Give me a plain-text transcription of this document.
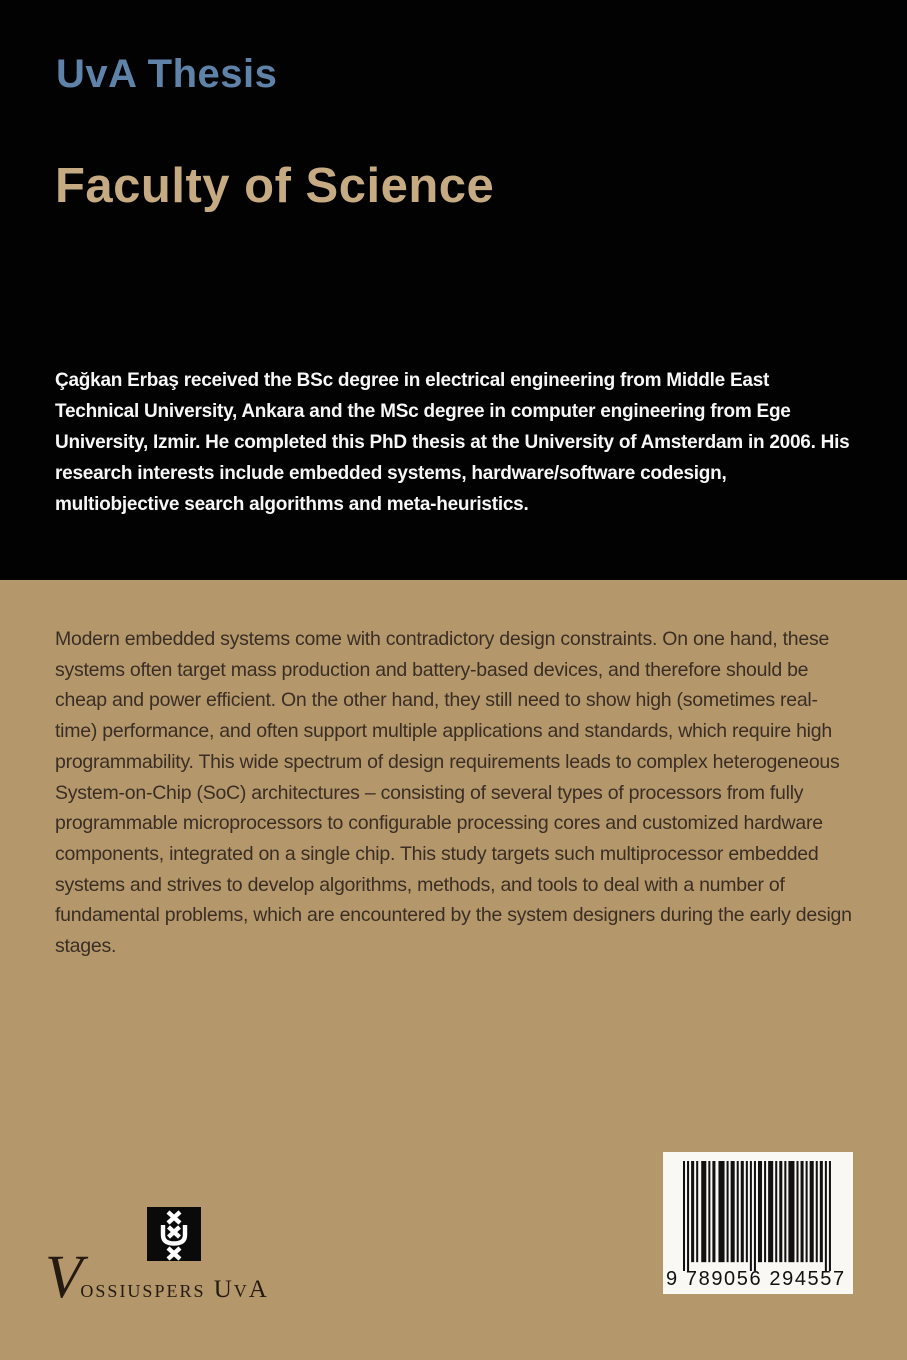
UvA Thesis
Faculty of Science

Çağkan Erbaş received the BSc degree in electrical engineering from Middle East Technical University, Ankara and the MSc degree in computer engineering from Ege University, Izmir. He completed this PhD thesis at the University of Amsterdam in 2006. His research interests include embedded systems, hardware/software codesign, multiobjective search algorithms and meta-heuristics.

Modern embedded systems come with contradictory design constraints. On one hand, these systems often target mass production and battery-based devices, and therefore should be cheap and power efficient. On the other hand, they still need to show high (sometimes real-time) performance, and often support multiple applications and standards, which require high programmability. This wide spectrum of design requirements leads to complex heterogeneous System-on-Chip (SoC) architectures – consisting of several types of processors from fully programmable microprocessors to configurable processing cores and customized hardware components, integrated on a single chip. This study targets such multiprocessor embedded systems and strives to develop algorithms, methods, and tools to deal with a number of fundamental problems, which are encountered by the system designers during the early design stages.

Vossiuspers UvA	9 789056 294557
